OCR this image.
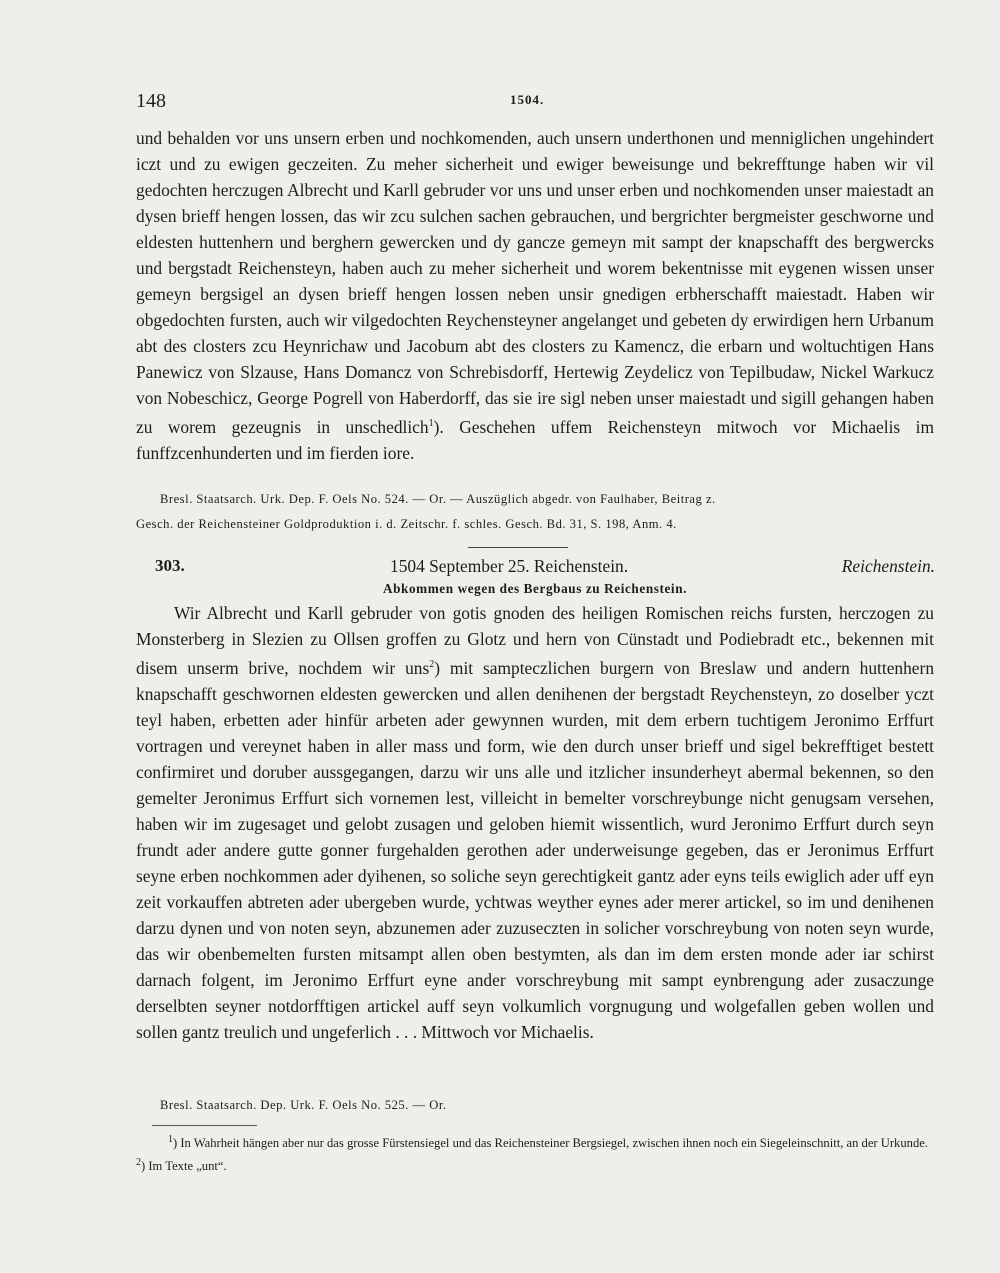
148	1504.

und behalden vor uns unsern erben und nochkomenden, auch unsern underthonen und menniglichen ungehindert iczt und zu ewigen geczeiten. Zu meher sicherheit und ewiger beweisunge und bekrefftunge haben wir vil gedochten herczugen Albrecht und Karll gebruder vor uns und unser erben und nochkomenden unser maiestadt an dysen brieff hengen lossen, das wir zcu sulchen sachen gebrauchen, und bergrichter bergmeister geschworne und eldesten huttenhern und berghern gewercken und dy gancze gemeyn mit sampt der knapschafft des bergwercks und bergstadt Reichensteyn, haben auch zu meher sicherheit und worem bekentnisse mit eygenen wissen unser gemeyn bergsigel an dysen brieff hengen lossen neben unsir gnedigen erbherschafft maiestadt. Haben wir obgedochten fursten, auch wir vilgedochten Reychensteyner angelanget und gebeten dy erwirdigen hern Urbanum abt des closters zcu Heynrichaw und Jacobum abt des closters zu Kamencz, die erbarn und woltuchtigen Hans Panewicz von Slzause, Hans Domancz von Schrebisdorff, Hertewig Zeydelicz von Tepilbudaw, Nickel Warkucz von Nobeschicz, George Pogrell von Haberdorff, das sie ire sigl neben unser maiestadt und sigill gehangen haben zu worem gezeugnis in unschedlich$^1$). Geschehen uffem Reichensteyn mitwoch vor Michaelis im funffzcenhunderten und im fierden iore.

Bresl. Staatsarch. Urk. Dep. F. Oels No. 524. — Or. — Auszüglich abgedr. von Faulhaber, Beitrag z.

Gesch. der Reichensteiner Goldproduktion i. d. Zeitschr. f. schles. Gesch. Bd. 31, S. 198, Anm. 4.

303.	1504 September 25. Reichenstein.	Reichenstein.
Abkommen wegen des Bergbaus zu Reichenstein.

Wir Albrecht und Karll gebruder von gotis gnoden des heiligen Romischen reichs fursten, herczogen zu Monsterberg in Slezien zu Ollsen groffen zu Glotz und hern von Cünstadt und Podiebradt etc., bekennen mit disem unserm brive, nochdem wir uns$^2$) mit sampteczlichen burgern von Breslaw und andern huttenhern knapschafft geschwornen eldesten gewercken und allen denihenen der bergstadt Reychensteyn, zo doselber yczt teyl haben, erbetten ader hinfür arbeten ader gewynnen wurden, mit dem erbern tuchtigem Jeronimo Erffurt vortragen und vereynet haben in aller mass und form, wie den durch unser brieff und sigel bekrefftiget bestett confirmiret und doruber aussgegangen, darzu wir uns alle und itzlicher insunderheyt abermal bekennen, so den gemelter Jeronimus Erffurt sich vornemen lest, villeicht in bemelter vorschreybunge nicht genugsam versehen, haben wir im zugesaget und gelobt zusagen und geloben hiemit wissentlich, wurd Jeronimo Erffurt durch seyn frundt ader andere gutte gonner furgehalden gerothen ader underweisunge gegeben, das er Jeronimus Erffurt seyne erben nochkommen ader dyihenen, so soliche seyn gerechtigkeit gantz ader eyns teils ewiglich ader uff eyn zeit vorkauffen abtreten ader ubergeben wurde, ychtwas weyther eynes ader merer artickel, so im und denihenen darzu dynen und von noten seyn, abzunemen ader zuzuseczten in solicher vorschreybung von noten seyn wurde, das wir obenbemelten fursten mitsampt allen oben bestymten, als dan im dem ersten monde ader iar schirst darnach folgent, im Jeronimo Erffurt eyne ander vorschreybung mit sampt eynbrengung ader zusaczunge derselbten seyner notdorfftigen artickel auff seyn volkumlich vorgnugung und wolgefallen geben wollen und sollen gantz treulich und ungeferlich . . . Mittwoch vor Michaelis.

Bresl. Staatsarch. Dep. Urk. F. Oels No. 525. — Or.

$^1$) In Wahrheit hängen aber nur das grosse Fürstensiegel und das Reichensteiner Bergsiegel, zwischen ihnen noch ein Siegeleinschnitt, an der Urkunde. $^2$) Im Texte „unt“.
